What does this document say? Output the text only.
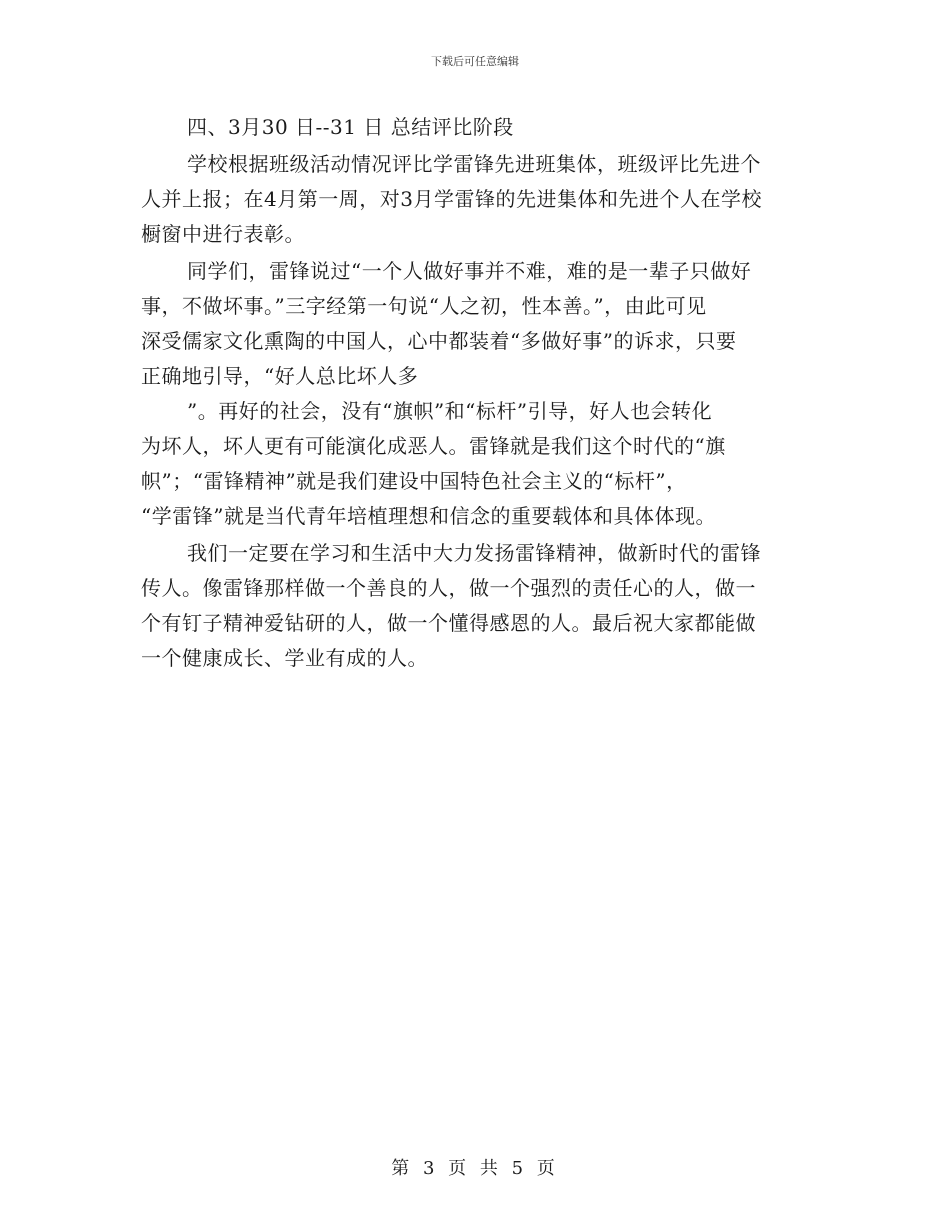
下载后可任意编辑
四、3月30 日--31 日 总结评比阶段
学校根据班级活动情况评比学雷锋先进班集体，班级评比先进个
人并上报；在4月第一周，对3月学雷锋的先进集体和先进个人在学校
橱窗中进行表彰。
同学们，雷锋说过“一个人做好事并不难，难的是一辈子只做好
事，不做坏事。”三字经第一句说“人之初，性本善。”，由此可见
深受儒家文化熏陶的中国人，心中都装着“多做好事”的诉求，只要
正确地引导，“好人总比坏人多
”。再好的社会，没有“旗帜”和“标杆”引导，好人也会转化
为坏人，坏人更有可能演化成恶人。雷锋就是我们这个时代的“旗
帜”；“雷锋精神”就是我们建设中国特色社会主义的“标杆”，
“学雷锋”就是当代青年培植理想和信念的重要载体和具体体现。
我们一定要在学习和生活中大力发扬雷锋精神，做新时代的雷锋
传人。像雷锋那样做一个善良的人，做一个强烈的责任心的人，做一
个有钉子精神爱钻研的人，做一个懂得感恩的人。最后祝大家都能做
一个健康成长、学业有成的人。
第 3 页 共 5 页
